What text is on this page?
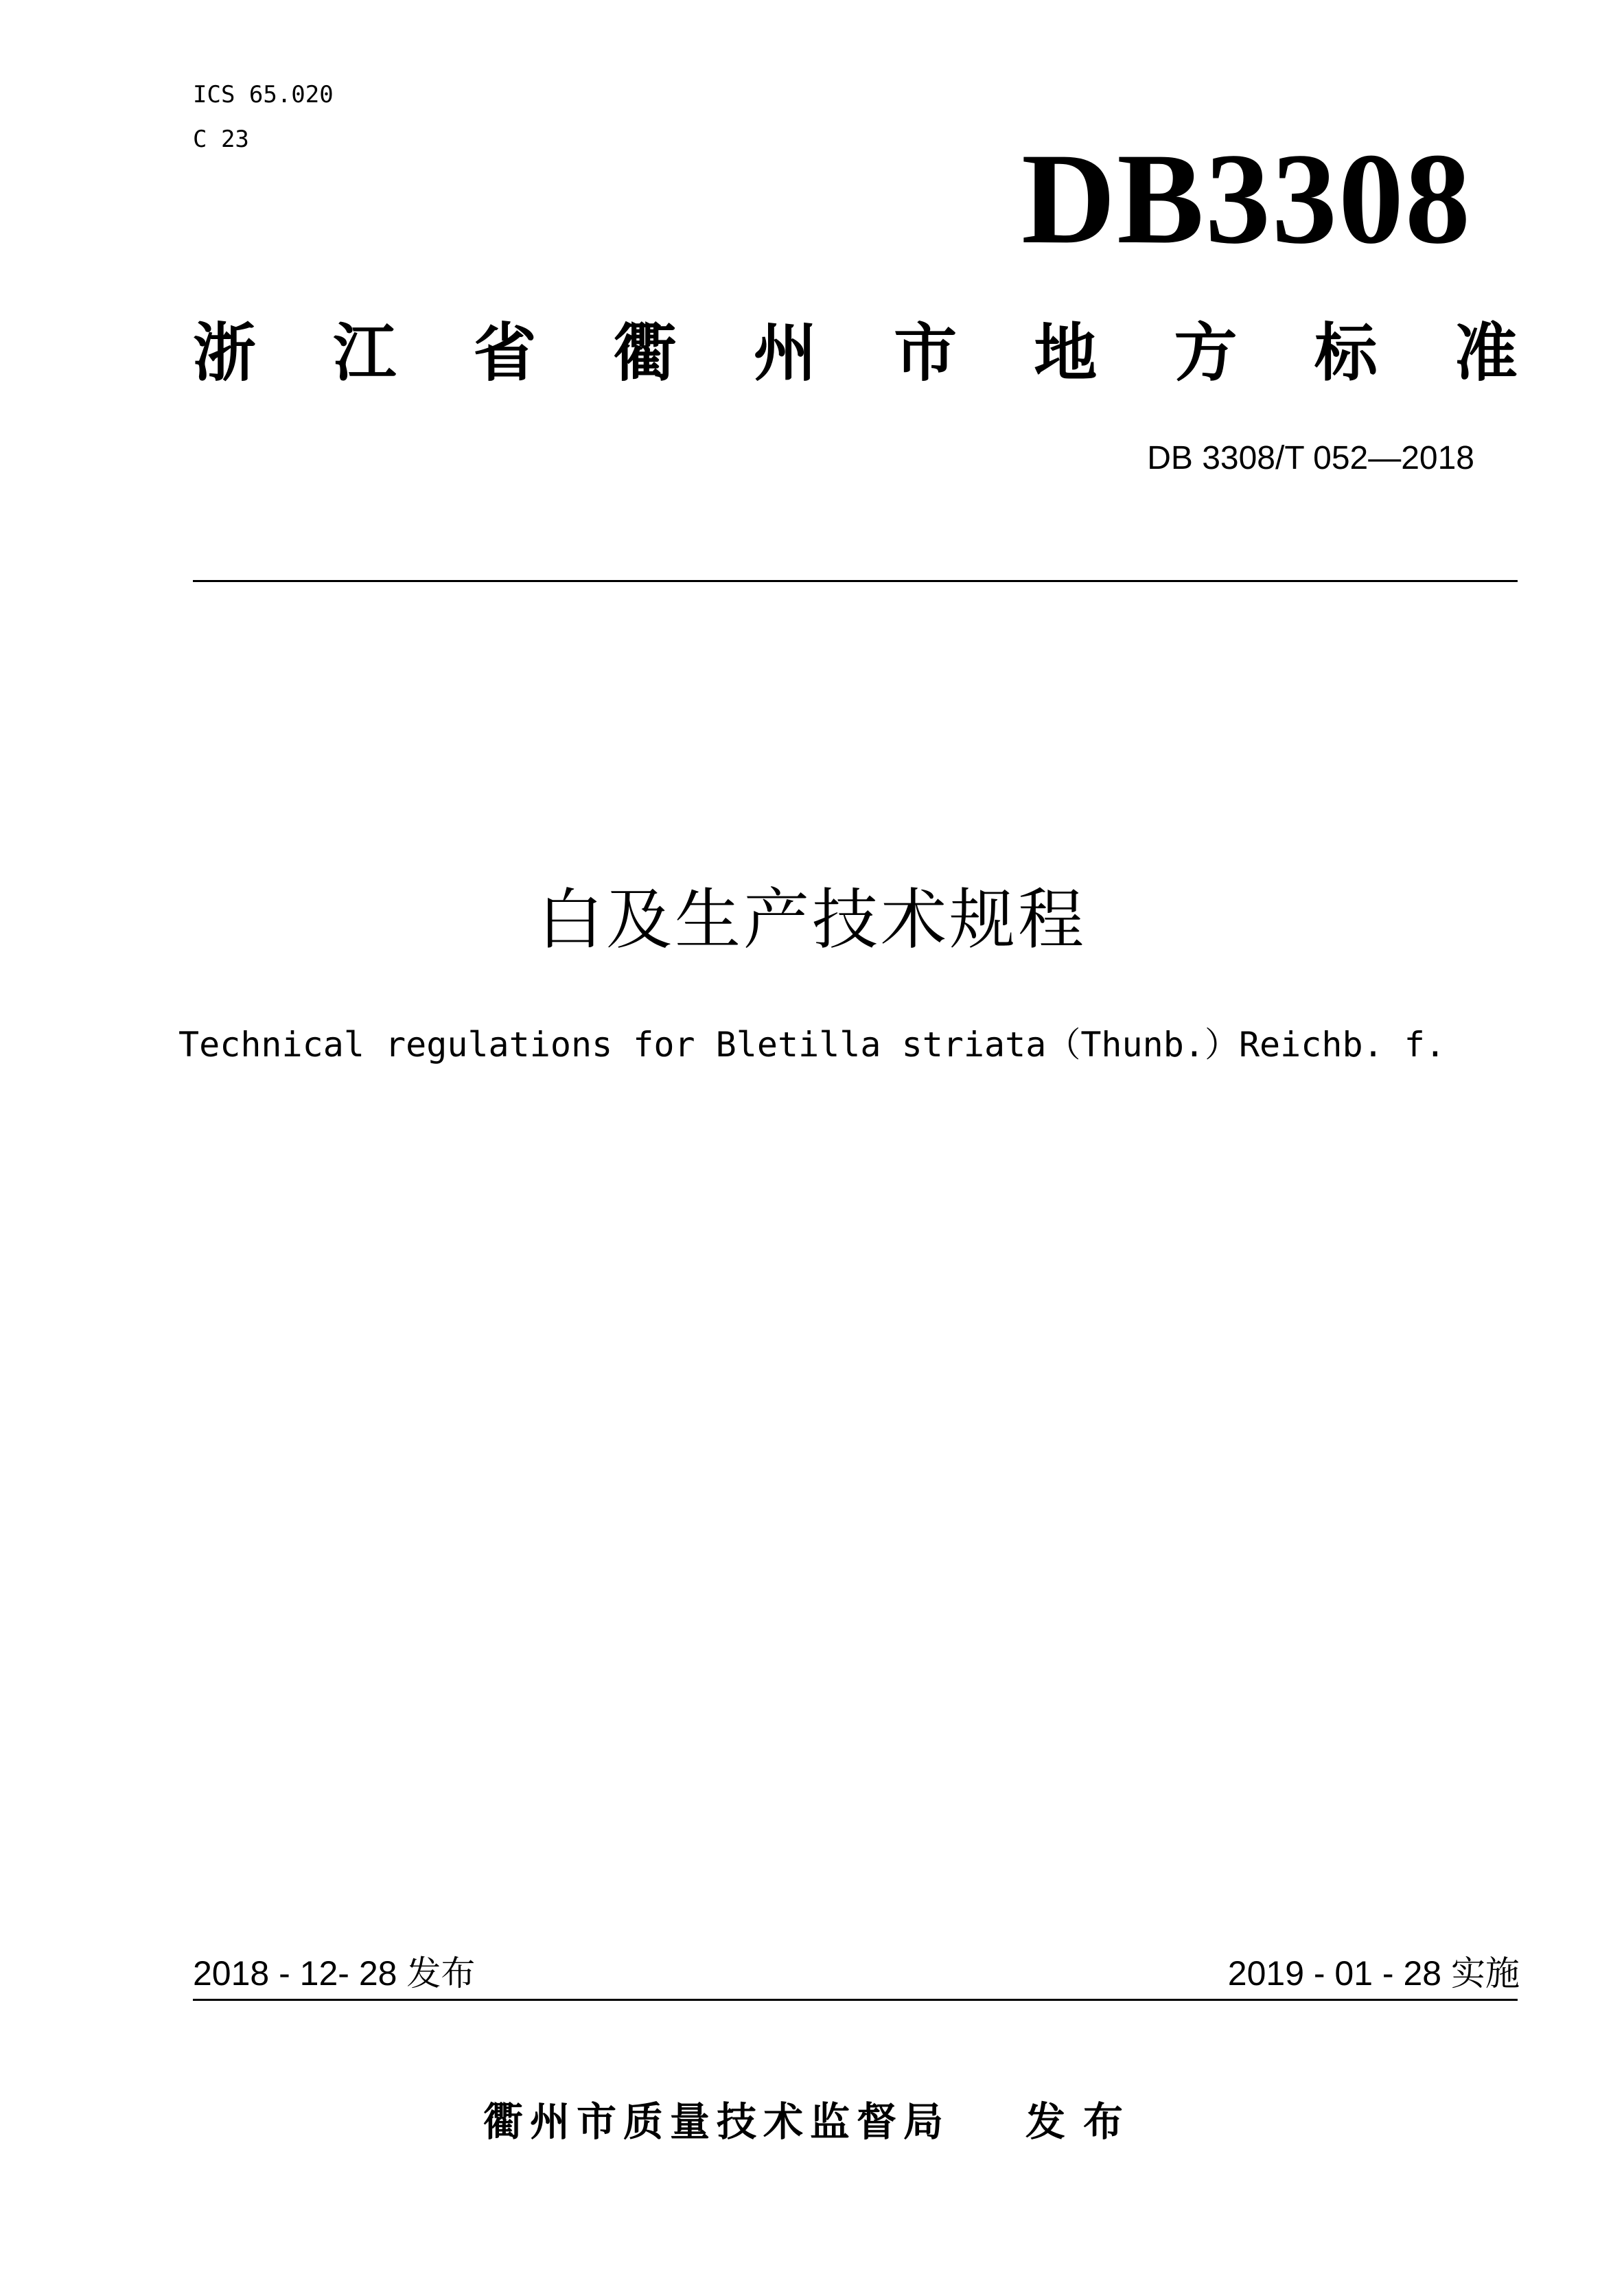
ICS 65.020
C 23	DB3308
浙 江 省 衢 州 市 地 方 标 准
DB 3308/T 052—2018
白及生产技术规程
Technical regulations for Bletilla striata（Thunb.）Reichb. f.
2018 - 12- 28 发布	2019 - 01 - 28 实施
衢州市质量技术监督局 发布
